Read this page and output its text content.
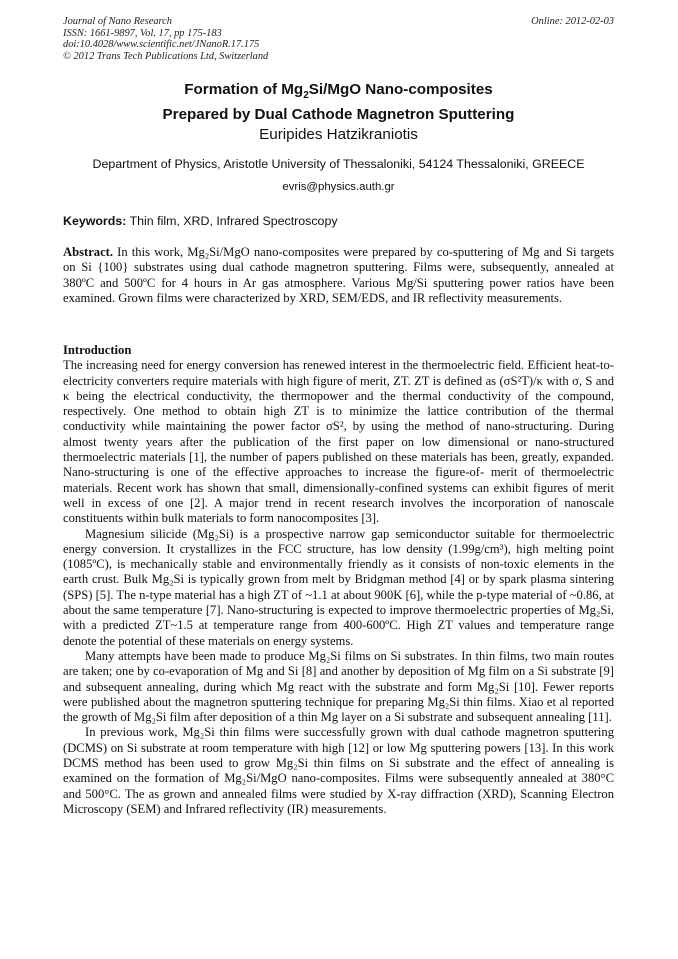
Journal of Nano Research
ISSN: 1661-9897, Vol. 17, pp 175-183
doi:10.4028/www.scientific.net/JNanoR.17.175
© 2012 Trans Tech Publications Ltd, Switzerland
Online: 2012-02-03
Formation of $Mg_2Si$/MgO Nano-composites
Prepared by Dual Cathode Magnetron Sputtering
Euripides Hatzikraniotis
Department of Physics, Aristotle University of Thessaloniki, 54124 Thessaloniki, GREECE
evris@physics.auth.gr
Keywords: Thin film, XRD, Infrared Spectroscopy

Abstract. In this work, Mg₂Si/MgO nano-composites were prepared by co-sputtering of Mg and Si targets on Si {100} substrates using dual cathode magnetron sputtering. Films were, subsequently, annealed at 380ºC and 500ºC for 4 hours in Ar gas atmosphere. Various Mg/Si sputtering power ratios have been examined. Grown films were characterized by XRD, SEM/EDS, and IR reflectivity measurements.

Introduction

The increasing need for energy conversion has renewed interest in the thermoelectric field. Efficient heat-to-electricity converters require materials with high figure of merit, ZT. ZT is defined as (σS²T)/κ with σ, S and κ being the electrical conductivity, the thermopower and the thermal conductivity of the compound, respectively. One method to obtain high ZT is to minimize the lattice contribution of the thermal conductivity while maintaining the power factor σS², by using the method of nano-structuring. During almost twenty years after the publication of the first paper on low dimensional or nano-structured thermoelectric materials [1], the number of papers published on these materials has been, greatly, expanded. Nano-structuring is one of the effective approaches to increase the figure-of- merit of thermoelectric materials. Recent work has shown that small, dimensionally-confined systems can exhibit figures of merit well in excess of one [2]. A major trend in recent research involves the incorporation of nanoscale constituents within bulk materials to form nanocomposites [3].

Magnesium silicide (Mg₂Si) is a prospective narrow gap semiconductor suitable for thermoelectric energy conversion. It crystallizes in the FCC structure, has low density (1.99g/cm³), high melting point (1085ºC), is mechanically stable and environmentally friendly as it consists of non-toxic elements in the earth crust. Bulk Mg₂Si is typically grown from melt by Bridgman method [4] or by spark plasma sintering (SPS) [5]. The n-type material has a high ZT of ~1.1 at about 900K [6], while the p-type material of ~0.86, at about the same temperature [7]. Nano-structuring is expected to improve thermoelectric properties of Mg₂Si, with a predicted ZT~1.5 at temperature range from 400-600ºC. High ZT values and temperature range denote the potential of these materials on energy systems.

Many attempts have been made to produce Mg₂Si films on Si substrates. In thin films, two main routes are taken; one by co-evaporation of Mg and Si [8] and another by deposition of Mg film on a Si substrate [9] and subsequent annealing, during which Mg react with the substrate and form Mg₂Si [10]. Fewer reports were published about the magnetron sputtering technique for preparing Mg₂Si thin films. Xiao et al reported the growth of Mg₂Si film after deposition of a thin Mg layer on a Si substrate and subsequent annealing [11].

In previous work, Mg₂Si thin films were successfully grown with dual cathode magnetron sputtering (DCMS) on Si substrate at room temperature with high [12] or low Mg sputtering powers [13]. In this work DCMS method has been used to grow Mg₂Si thin films on Si substrate and the effect of annealing is examined on the formation of Mg₂Si/MgO nano-composites. Films were subsequently annealed at 380°C and 500°C. The as grown and annealed films were studied by X-ray diffraction (XRD), Scanning Electron Microscopy (SEM) and Infrared reflectivity (IR) measurements.
